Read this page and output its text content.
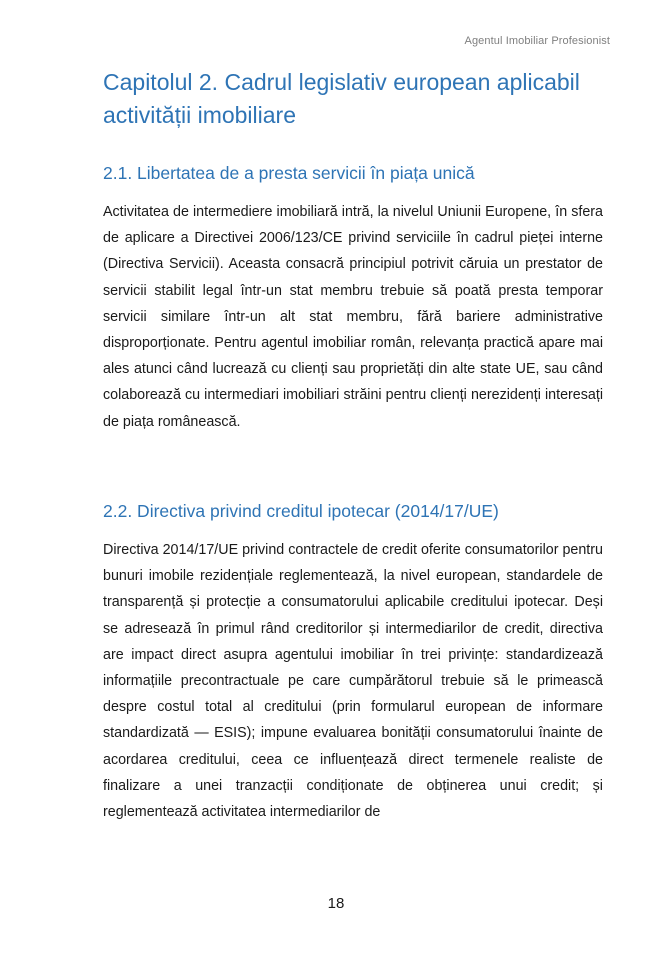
Agentul Imobiliar Profesionist
Capitolul 2. Cadrul legislativ european aplicabil activității imobiliare
2.1. Libertatea de a presta servicii în piața unică

Activitatea de intermediere imobiliară intră, la nivelul Uniunii Europene, în sfera de aplicare a Directivei 2006/123/CE privind serviciile în cadrul pieței interne (Directiva Servicii). Aceasta consacră principiul potrivit căruia un prestator de servicii stabilit legal într-un stat membru trebuie să poată presta temporar servicii similare într-un alt stat membru, fără bariere administrative disproporționate. Pentru agentul imobiliar român, relevanța practică apare mai ales atunci când lucrează cu clienți sau proprietăți din alte state UE, sau când colaborează cu intermediari imobiliari străini pentru clienți nerezidenți interesați de piața românească.

2.2. Directiva privind creditul ipotecar (2014/17/UE)

Directiva 2014/17/UE privind contractele de credit oferite consumatorilor pentru bunuri imobile rezidențiale reglementează, la nivel european, standardele de transparență și protecție a consumatorului aplicabile creditului ipotecar. Deși se adresează în primul rând creditorilor și intermediarilor de credit, directiva are impact direct asupra agentului imobiliar în trei privințe: standardizează informațiile precontractuale pe care cumpărătorul trebuie să le primească despre costul total al creditului (prin formularul european de informare standardizată — ESIS); impune evaluarea bonității consumatorului înainte de acordarea creditului, ceea ce influențează direct termenele realiste de finalizare a unei tranzacții condiționate de obținerea unui credit; și reglementează activitatea intermediarilor de

18
